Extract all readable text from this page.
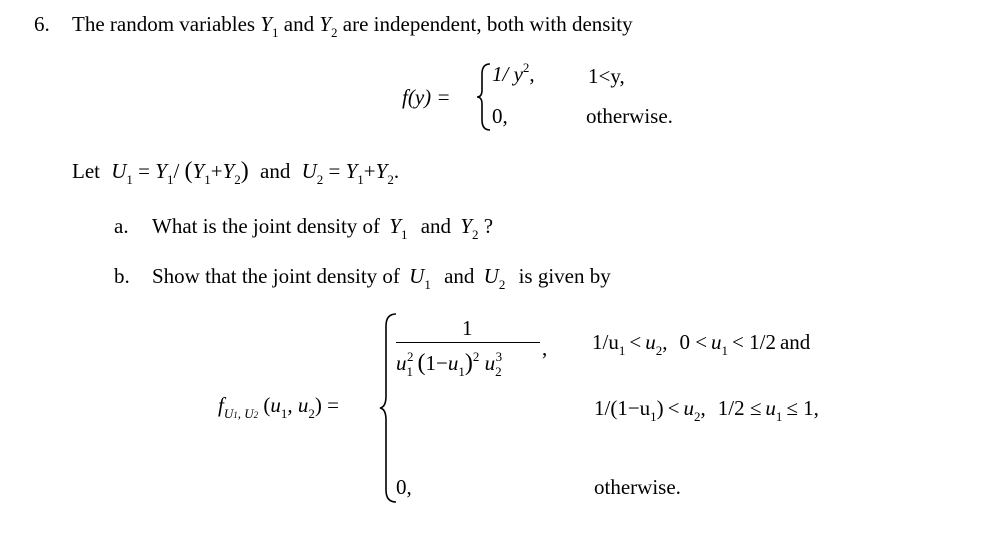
6. The random variables $Y_1$ and $Y_2$ are independent, both with density
f(y) =
1/ $y^2$,	1<y,
0,	otherwise.
Let $U_1 = Y_1/$ $(Y_1+Y_2)$ and $U_2 = Y_1+Y_2$.
a. What is the joint density of $Y_1$ and $Y_2$ ?
b. Show that the joint density of $U_1$ and $U_2$ is given by
$f_{U1, U2}$ ($u_1$, $u_2$) =
1
$u_1^2$ $(1-u_1)^2$ $u_2^3$ , $1/u_1 < u_2$, $0 < u_1 < 1/2$ and
$1/(1-u_1) < u_2$, $1/2 \le u_1 \le 1$,
0,	otherwise.
